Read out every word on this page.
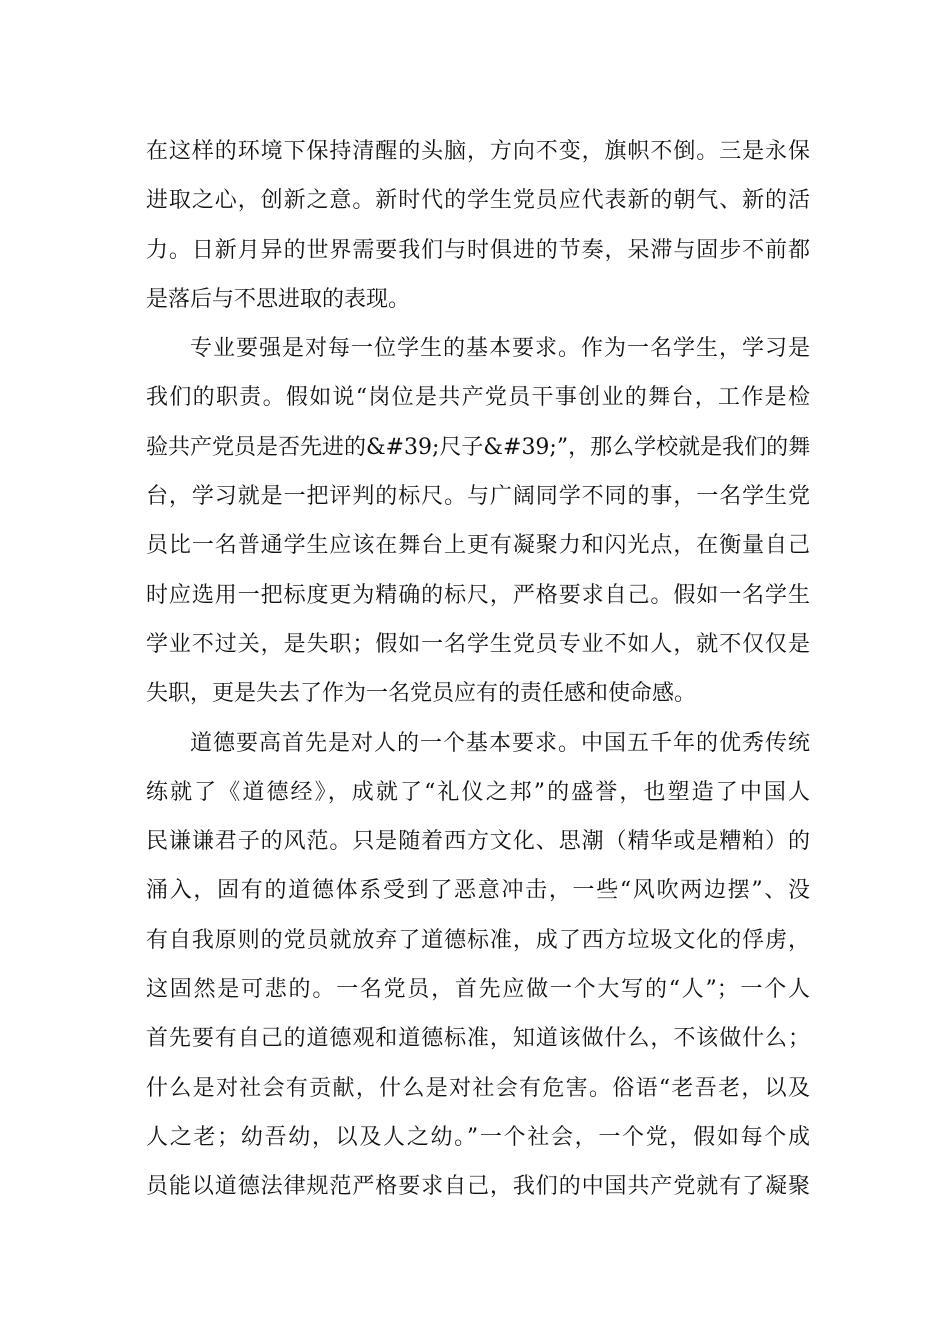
在这样的环境下保持清醒的头脑，方向不变，旗帜不倒。三是永保
进取之心，创新之意。新时代的学生党员应代表新的朝气、新的活
力。日新月异的世界需要我们与时俱进的节奏，呆滞与固步不前都
是落后与不思进取的表现。
专业要强是对每一位学生的基本要求。作为一名学生，学习是
我们的职责。假如说“岗位是共产党员干事创业的舞台，工作是检
验共产党员是否先进的&#39;尺子&#39;”，那么学校就是我们的舞
台，学习就是一把评判的标尺。与广阔同学不同的事，一名学生党
员比一名普通学生应该在舞台上更有凝聚力和闪光点，在衡量自己
时应选用一把标度更为精确的标尺，严格要求自己。假如一名学生
学业不过关，是失职；假如一名学生党员专业不如人，就不仅仅是
失职，更是失去了作为一名党员应有的责任感和使命感。
道德要高首先是对人的一个基本要求。中国五千年的优秀传统
练就了《道德经》，成就了“礼仪之邦”的盛誉，也塑造了中国人
民谦谦君子的风范。只是随着西方文化、思潮（精华或是糟粕）的
涌入，固有的道德体系受到了恶意冲击，一些“风吹两边摆”、没
有自我原则的党员就放弃了道德标准，成了西方垃圾文化的俘虏，
这固然是可悲的。一名党员，首先应做一个大写的“人”；一个人
首先要有自己的道德观和道德标准，知道该做什么，不该做什么；
什么是对社会有贡献，什么是对社会有危害。俗语“老吾老，以及
人之老；幼吾幼，以及人之幼。”一个社会，一个党，假如每个成
员能以道德法律规范严格要求自己，我们的中国共产党就有了凝聚
